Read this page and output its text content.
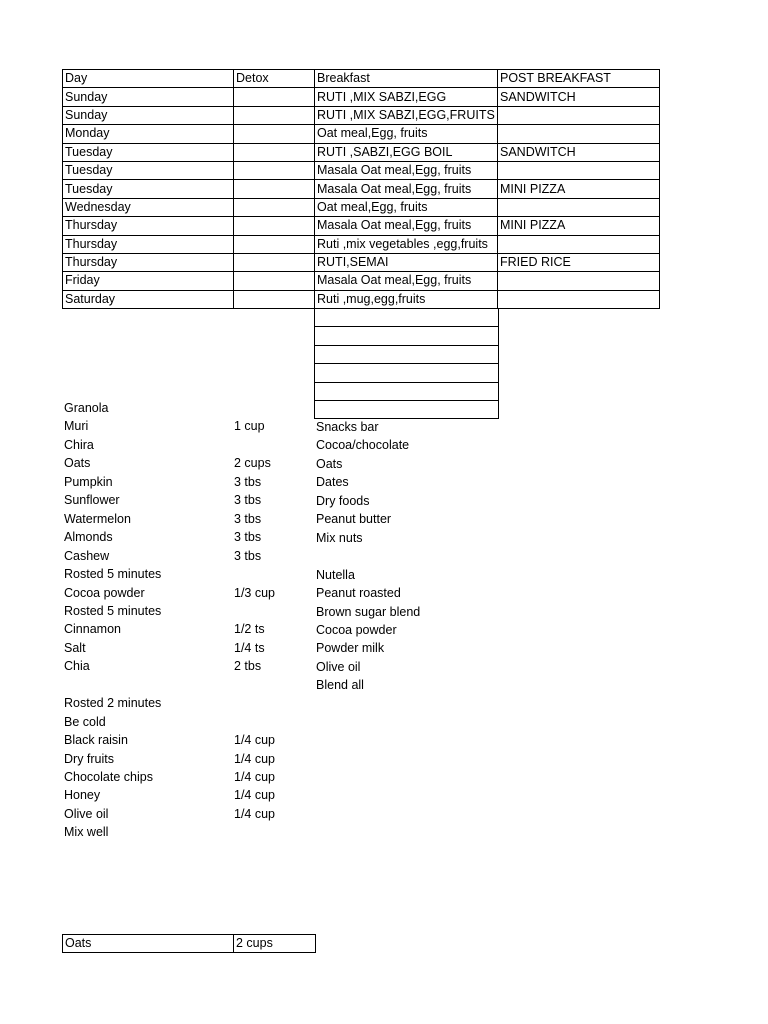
Day	Detox	Breakfast	POST BREAKFAST
Sunday		RUTI ,MIX SABZI,EGG	SANDWITCH
Sunday		RUTI ,MIX SABZI,EGG,FRUITS	
Monday		Oat meal,Egg, fruits	
Tuesday		RUTI ,SABZI,EGG BOIL	SANDWITCH
Tuesday		Masala Oat meal,Egg, fruits	
Tuesday		Masala Oat meal,Egg, fruits	MINI PIZZA
Wednesday		Oat meal,Egg, fruits	
Thursday		Masala Oat meal,Egg, fruits	MINI PIZZA
Thursday		Ruti ,mix vegetables ,egg,fruits	
Thursday		RUTI,SEMAI	FRIED RICE
Friday		Masala Oat meal,Egg, fruits	
Saturday		Ruti ,mug,egg,fruits	

Granola
Muri	1 cup
Chira
Oats	2 cups
Pumpkin	3 tbs
Sunflower	3 tbs
Watermelon	3 tbs
Almonds	3 tbs
Cashew	3 tbs
Rosted 5 minutes
Cocoa powder	1/3 cup
Rosted 5 minutes
Cinnamon	1/2 ts
Salt	1/4 ts
Chia	2 tbs
Rosted 2 minutes
Be cold
Black raisin	1/4 cup
Dry fruits	1/4 cup
Chocolate chips	1/4 cup
Honey	1/4 cup
Olive oil	1/4 cup
Mix well
Snacks bar
Cocoa/chocolate
Oats
Dates
Dry foods
Peanut butter
Mix nuts
Nutella
Peanut roasted
Brown sugar blend
Cocoa powder
Powder milk
Olive oil
Blend all
Oats	2 cups
